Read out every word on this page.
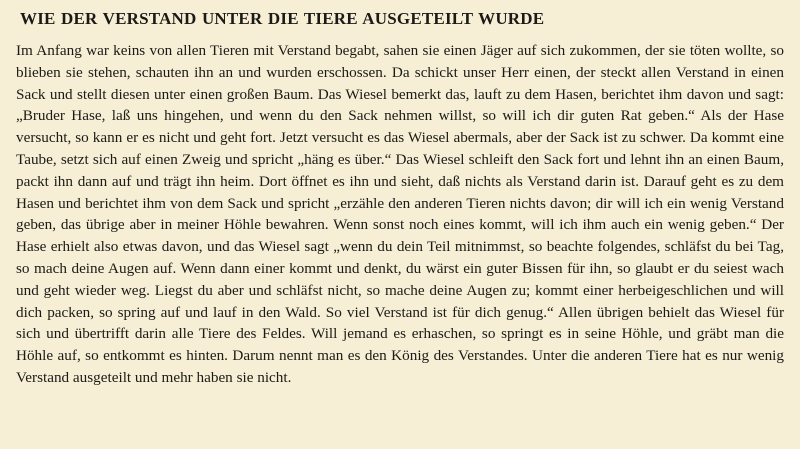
WIE DER VERSTAND UNTER DIE TIERE AUSGETEILT WURDE

Im Anfang war keins von allen Tieren mit Verstand begabt, sahen sie einen Jäger auf sich zukommen, der sie töten wollte, so blieben sie stehen, schauten ihn an und wurden erschossen. Da schickt unser Herr einen, der steckt allen Verstand in einen Sack und stellt diesen unter einen großen Baum. Das Wiesel bemerkt das, lauft zu dem Hasen, berichtet ihm davon und sagt: „Bruder Hase, laß uns hingehen, und wenn du den Sack nehmen willst, so will ich dir guten Rat geben.“ Als der Hase versucht, so kann er es nicht und geht fort. Jetzt versucht es das Wiesel abermals, aber der Sack ist zu schwer. Da kommt eine Taube, setzt sich auf einen Zweig und spricht „häng es über.“ Das Wiesel schleift den Sack fort und lehnt ihn an einen Baum, packt ihn dann auf und trägt ihn heim. Dort öffnet es ihn und sieht, daß nichts als Verstand darin ist. Darauf geht es zu dem Hasen und berichtet ihm von dem Sack und spricht „erzähle den anderen Tieren nichts davon; dir will ich ein wenig Verstand geben, das übrige aber in meiner Höhle bewahren. Wenn sonst noch eines kommt, will ich ihm auch ein wenig geben.“ Der Hase erhielt also etwas davon, und das Wiesel sagt „wenn du dein Teil mitnimmst, so beachte folgendes, schläfst du bei Tag, so mach deine Augen auf. Wenn dann einer kommt und denkt, du wärst ein guter Bissen für ihn, so glaubt er du seiest wach und geht wieder weg. Liegst du aber und schläfst nicht, so mache deine Augen zu; kommt einer herbeigeschlichen und will dich packen, so spring auf und lauf in den Wald. So viel Verstand ist für dich genug.“ Allen übrigen behielt das Wiesel für sich und übertrifft darin alle Tiere des Feldes. Will jemand es erhaschen, so springt es in seine Höhle, und gräbt man die Höhle auf, so entkommt es hinten. Darum nennt man es den König des Verstandes. Unter die anderen Tiere hat es nur wenig Verstand ausgeteilt und mehr haben sie nicht.
